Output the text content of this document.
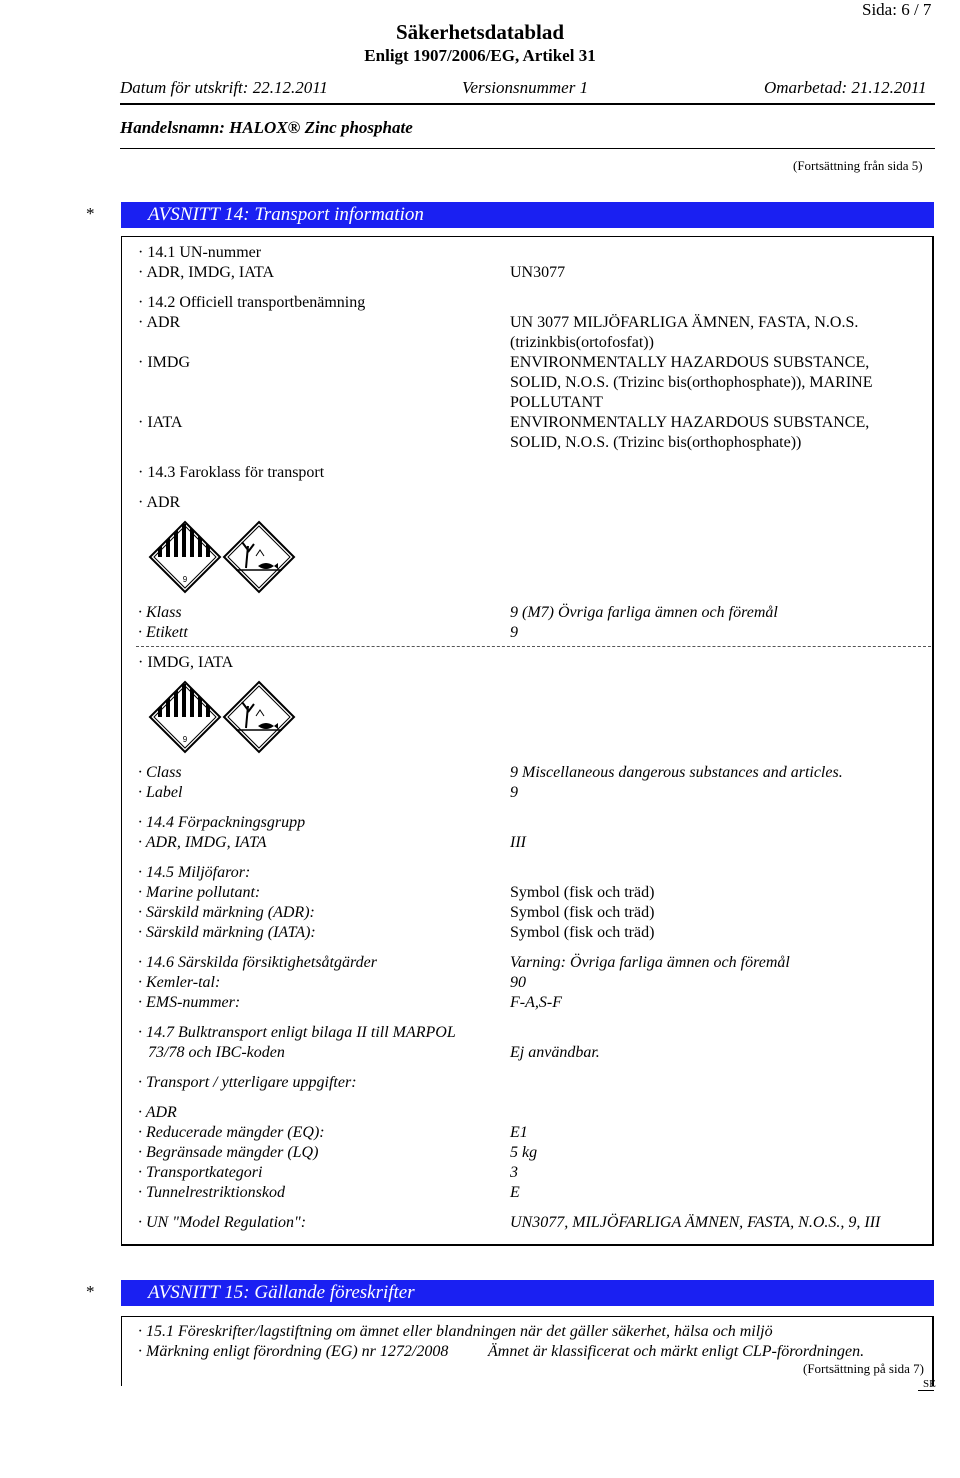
Sida: 6 / 7
Säkerhetsdatablad
Enligt 1907/2006/EG, Artikel 31
Datum för utskrift: 22.12.2011	Versionsnummer 1	Omarbetad: 21.12.2011
Handelsnamn: HALOX® Zinc phosphate
(Fortsättning från sida 5)
*	AVSNITT 14: Transport information
· 14.1 UN-nummer
· ADR, IMDG, IATA	UN3077
· 14.2 Officiell transportbenämning
· ADR	UN 3077 MILJÖFARLIGA ÄMNEN, FASTA, N.O.S.
(trizinkbis(ortofosfat))
· IMDG	ENVIRONMENTALLY HAZARDOUS SUBSTANCE,
SOLID, N.O.S. (Trizinc bis(orthophosphate)), MARINE
POLLUTANT
· IATA	ENVIRONMENTALLY HAZARDOUS SUBSTANCE,
SOLID, N.O.S. (Trizinc bis(orthophosphate))
· 14.3 Faroklass för transport
· ADR
9
· Klass	9 (M7) Övriga farliga ämnen och föremål
· Etikett	9
· IMDG, IATA
9
· Class	9 Miscellaneous dangerous substances and articles.
· Label	9
· 14.4 Förpackningsgrupp
· ADR, IMDG, IATA	III
· 14.5 Miljöfaror:
· Marine pollutant:	Symbol (fisk och träd)
· Särskild märkning (ADR):	Symbol (fisk och träd)
· Särskild märkning (IATA):	Symbol (fisk och träd)
· 14.6 Särskilda försiktighetsåtgärder	Varning: Övriga farliga ämnen och föremål
· Kemler-tal:	90
· EMS-nummer:	F-A,S-F
· 14.7 Bulktransport enligt bilaga II till MARPOL
73/78 och IBC-koden	Ej användbar.
· Transport / ytterligare uppgifter:
· ADR
· Reducerade mängder (EQ):	E1
· Begränsade mängder (LQ)	5 kg
· Transportkategori	3
· Tunnelrestriktionskod	E
· UN "Model Regulation":	UN3077, MILJÖFARLIGA ÄMNEN, FASTA, N.O.S., 9, III
*	AVSNITT 15: Gällande föreskrifter
· 15.1 Föreskrifter/lagstiftning om ämnet eller blandningen när det gäller säkerhet, hälsa och miljö
· Märkning enligt förordning (EG) nr 1272/2008 Ämnet är klassificerat och märkt enligt CLP-förordningen.
(Fortsättning på sida 7)
SE
